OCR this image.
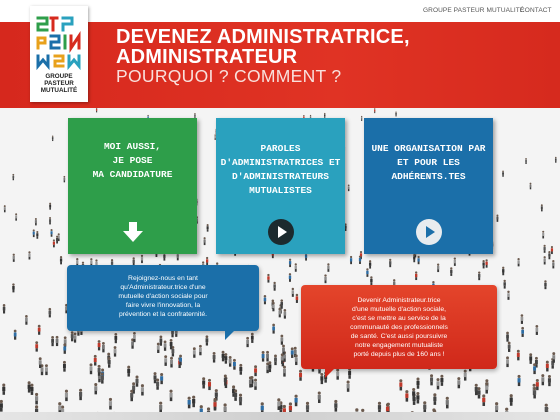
GROUPE PASTEUR MUTUALITÉ
CONTACT
DEVENEZ ADMINISTRATRICE,
ADMINISTRATEUR
POURQUOI ? COMMENT ?
GROUPE
PASTEUR
MUTUALITÉ
MOI AUSSI,
JE POSE
MA CANDIDATURE
PAROLES
D'ADMINISTRATRICES ET
D'ADMINISTRATEURS
MUTUALISTES
UNE ORGANISATION PAR
ET POUR LES
ADHÉRENTS.TES
Rejoignez-nous en tant
qu'Administrateur.trice d'une
mutuelle d'action sociale pour
faire vivre l'innovation, la
prévention et la confraternité.
Devenir Administrateur.trice
d'une mutuelle d'action sociale,
c'est se mettre au service de la
communauté des professionnels
de santé. C'est aussi poursuivre
notre engagement mutualiste
porté depuis plus de 160 ans !
